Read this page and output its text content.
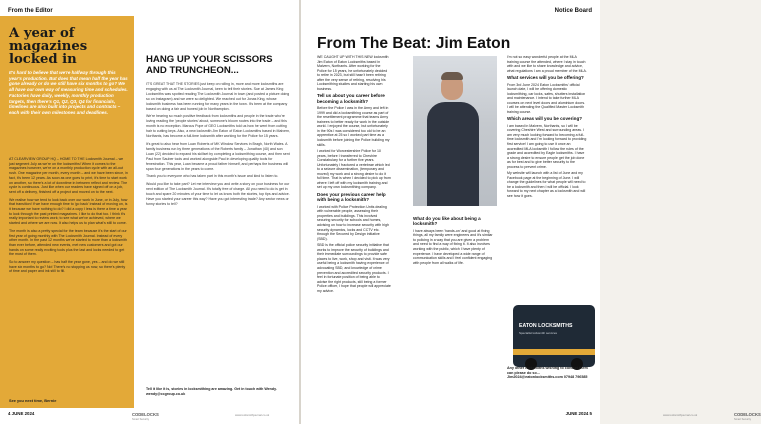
From the Editor
A year of magazines locked in
It's hard to believe that we're halfway through this year's production. But does that mean half the year has gone already or do we still have six months to go? We all have our own way of measuring time and schedules. Factories have daily, weekly, monthly production targets, then there's Q1, Q2, Q3, Q4 for financials, timelines are also built into projects and contracts – each with their own milestones and deadlines.

AT CLEARVIEW GROUP HQ – HOME TO THE Locksmith Journal – we just segment July as we're on the locksmiths! When it comes to the magazines however, we're on a monthly production cycle with an all-out rush. One magazine per month, every month – and we have been since, in fact, it's been 12 years. As soon as one goes to print, it's time to start work on another, so there's a lot of downtime in between reflect and review. The cycle is continuous. Just like when our readers have signed off on a job, sent off a delivery, finished off a project and moved on to the next.

We realise how we tend to look back over our work in June, or in July, how that transition! If we have enough time to 'go back' instead of moving on, is it because we have nothing to do? I did a copy I less is there a time a year to look through the past printed magazines. I like to do that too. I think it's really important to review work; to see what we've achieved, where we started and where we are now. It also helps us to plan what's still to come.

The month is also a pretty special for the team because it's the start of our first year of going monthly with The Locksmith Journal. Instead of every other month. In the past 12 months we've started to more than a locksmith than ever before, attended new events, met new customers and got our hands on some really exciting tools plus the last and locks needed to get the most of them.

So to answer my question – has half the year gone, yes – and do we still have six months to go? No! There's no stopping us now, so there's plenty of time and paper and ink still to fill.

See you next time, Bernie
HANG UP YOUR SCISSORS AND TRUNCHEON...

IT'S GREAT THAT THE STORIES just keep on rolling in, more and more locksmiths are engaging with us at The Locksmith Journal, keen to tell their stories. Sue at James King Locksmiths was spotted reading The Locksmith Journal in town (and posted a picture doing so on Instagram) and we were so delighted. We reached out for Jonas King, whose locksmith business has been running for many years in the town. It's been at the company based on doing a fair and honest job in Northampton.

We're hearing so much positive feedback from locksmiths and people in the trade who're loving reading the 'people stories' about, someone's bloom routes into the trade – and this month is no exception. Marcus Pope of GEO Locksmiths told us how he went from cutting hair to cutting keys. Also, a new locksmith Jim Eaton of Eaton Locksmiths based in Malvern, Northants, has become a full-time locksmith after working for the Police for 15 years.

It's great to also hear from Luan Roberts of MK Window Services in Bragh, North Wales. A family business run by three generations of the Roberts family – Jonathan (40) and son Luan (22) decided to expand his skillset by completing a locksmithing course, and then sent Paul from Sauber tools and worked alongside Paul in developing quality tools for fenestration. This year, Luan became a proud father himself, and perhaps the business will span four generations in the years to come.

Thank you to everyone who has taken part in this month's issue and kind to listen to.

Would you like to take part? Let me interview you and write a story on your business for our next edition of The Locksmith Journal. It's totally free of charge. All you need to do is get in touch and spare 20 minutes of your time to let us know both the stories, top tips and advice. Have you started your career this way? Have you got interesting trade? Any sector news or funny stories to tell?

Tell it like it is, stories in locksmithing are amazing. Get in touch with Wendy. wendy@ccgroup.co.uk
4 JUNE 2024	CODELOCKS
Smart Security
www.locksmithjournal.co.uk
Notice Board
From The Beat: Jim Eaton

WE CAUGHT UP WITH THIS NEW locksmith Jim Eaton of Eaton Locksmiths based in Malvern, Northants. After working for the Police for 15 years, he unfortunately decided to retire in 2023, but still hasn't been retiring after the very sense of retiring, resolving his Locksmithing studies and starting his own business.

Tell us about you career before becoming a locksmith?

Before the Police I was in the Army and left in 1999 and did a locksmithing course as part of the resettlement programme that teams Army trainees to better ready for work in the outside world. I enjoyed the course, but unfortunately in the 90s I was considered too old to be an apprentice at 25 so I worked part time as a locksmith before joining the Police building my skills.

I worked for Worcestershire Police for 10 years, before I transferred to Cheshire Constabulary for a further five years. Unfortunately I fractured a vertebrae which led to a seizure dissemination, (temporary and moved) my work and a strong desire to do it full time. That is when I decided to pick up from where I left off with my locksmith training and set up my own locksmithing company.

Does your previous career help with being a locksmith?

I worked with Police Protection Units dealing with vulnerable people, assessing their properties and buildings. This involved securing security for schools and homes, advising on how to increase security with high security dynamics, locks and CCTV etc. through the Secured by Design initiative (SBD).

SBD is the official police security initiative that works to improve the security of buildings and their immediate surroundings to provide safe places to live, work, shop and visit. It was very useful being a locksmith having experience of advocating SBD, and knowledge of crime prevention and accredited security products. I feel in fortunate position of being able to advise the right products, still being a former Police officer, I hope that people will appreciate my advice.

What do you like about being a locksmith?

I have always been 'hands-on' and good at fixing things, all my family were engineers and it's similar to policing in a way that you are given a problem and need to find a way of fixing it. It also involves working with the public, which I have plenty of experience. I have developed a wide range of communication skills and I feel confident engaging with people from all walks of life.

I'm not so easy wonderful people at the MLA training course the attended, where I stay in touch with and we like to share knowledge and advice, what regulations I am a proud member of the MLA.

What services will you be offering?

From 3rd June 2024 Eaton Locksmiths' official launch date, I will be offering domestic locksmithing, car locks, safes, shutters installation and maintenance. I intend to take further MLA courses on next level doors and aluminium doors. I will be attending the Qualified Master Locksmith training course.

Which areas will you be covering?

I am based in Malvern, Northants, so I will be covering Cheshire West and surrounding areas. I am very much looking forward to becoming a full-time locksmith and I'm looking forward to providing first service! I am going to use it once an accredited MLA locksmith I follow the rules of the grade and accredited by Eagle locksmiths. I have a strong desire to ensure people get the job done as for best and to give better security to the process to prevent crime.

My website will launch with a list of June and my Facebook page at the beginning of June. I will change the guidelines for what people will need to be a locksmith and then I will be official. I look forward to my next chapter as a locksmith and will see how it goes.

EATON LOCKSMITHS
Specialist locksmith services
Any other locksmiths wishing to contact them can please do so... Jim2024@eatonlocksmiths.com 07948 796585
www.locksmithjournal.co.uk	CODELOCKS
Smart Security
JUNE 2024 5
